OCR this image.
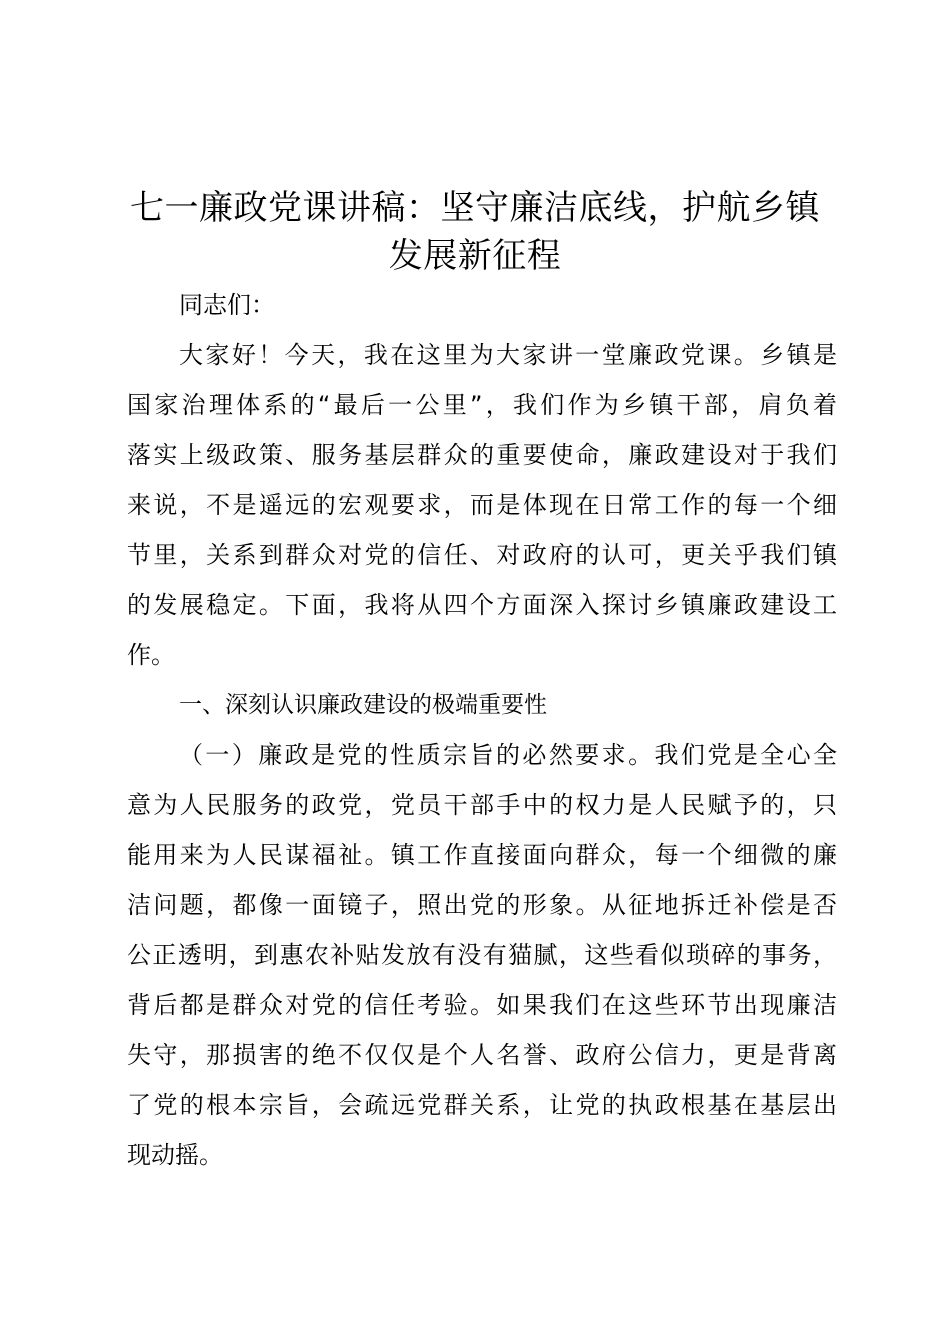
七一廉政党课讲稿：坚守廉洁底线，护航乡镇
发展新征程
同志们：
大家好！今天，我在这里为大家讲一堂廉政党课。乡镇是
国家治理体系的“最后一公里”，我们作为乡镇干部，肩负着
落实上级政策、服务基层群众的重要使命，廉政建设对于我们
来说，不是遥远的宏观要求，而是体现在日常工作的每一个细
节里，关系到群众对党的信任、对政府的认可，更关乎我们镇
的发展稳定。下面，我将从四个方面深入探讨乡镇廉政建设工
作。
一、深刻认识廉政建设的极端重要性
（一）廉政是党的性质宗旨的必然要求。我们党是全心全
意为人民服务的政党，党员干部手中的权力是人民赋予的，只
能用来为人民谋福祉。镇工作直接面向群众，每一个细微的廉
洁问题，都像一面镜子，照出党的形象。从征地拆迁补偿是否
公正透明，到惠农补贴发放有没有猫腻，这些看似琐碎的事务，
背后都是群众对党的信任考验。如果我们在这些环节出现廉洁
失守，那损害的绝不仅仅是个人名誉、政府公信力，更是背离
了党的根本宗旨，会疏远党群关系，让党的执政根基在基层出
现动摇。
